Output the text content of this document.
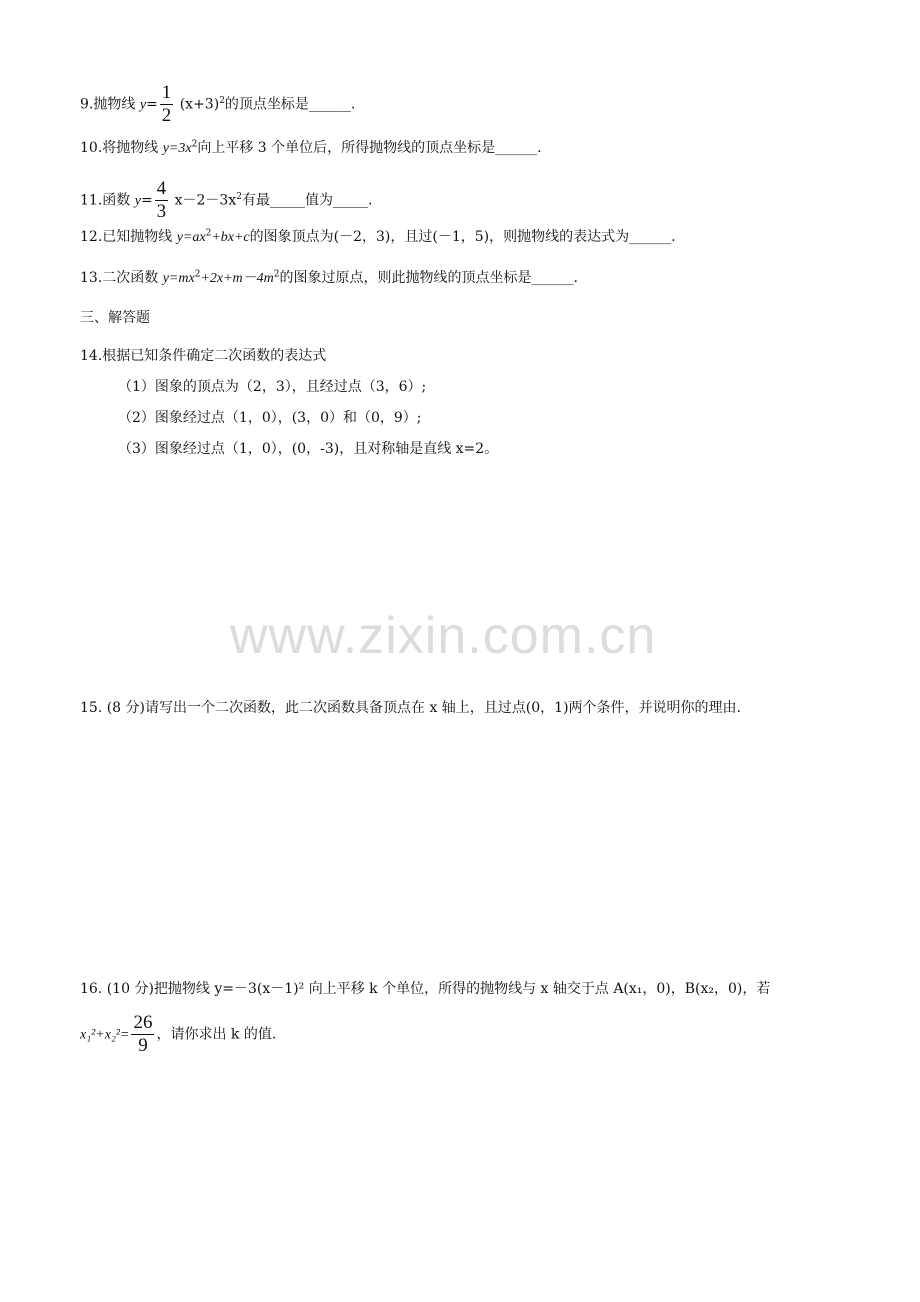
9.抛物线 $y= \frac{1}{2} (x+3)^2$的顶点坐标是______.
10.将抛物线 $y=3x^2$向上平移 3 个单位后，所得抛物线的顶点坐标是______.
11.函数 $y= \frac{4}{3} x-2-3x^2$有最_____值为_____.
12.已知抛物线 $y=ax^2+bx+c$的图象顶点为(－2，3)，且过(－1，5)，则抛物线的表达式为______.
13.二次函数 $y=mx^2+2x+m-4m^2$的图象过原点，则此抛物线的顶点坐标是______.
三、解答题
14.根据已知条件确定二次函数的表达式
（1）图象的顶点为（2，3），且经过点（3，6）;
（2）图象经过点（1，0），(3，0）和（0，9）;
（3）图象经过点（1，0），(0，-3)，且对称轴是直线 x=2。
www.zixin.com.cn
15. (8 分)请写出一个二次函数，此二次函数具备顶点在 x 轴上，且过点(0，1)两个条件，并说明你的理由.
16. (10 分)把抛物线 y=－3(x－1)² 向上平移 k 个单位，所得的抛物线与 x 轴交于点 A(x₁，0)，B(x₂，0)，若
$x_1^2+x_2^2= \frac{26}{9}$ ，请你求出 k 的值.
